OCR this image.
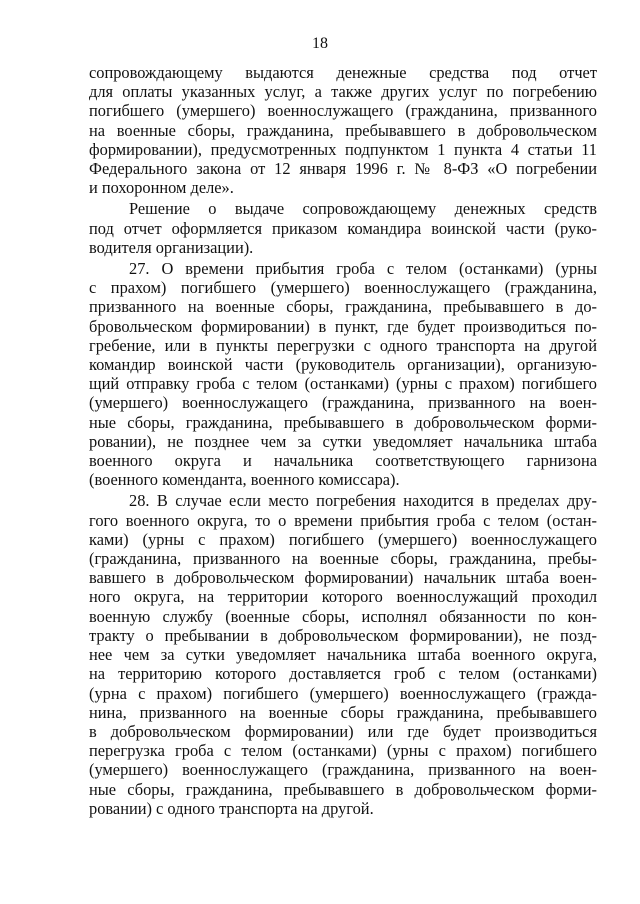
18

сопровождающему выдаются денежные средства под отчет
для оплаты указанных услуг, а также других услуг по погребению
погибшего (умершего) военнослужащего (гражданина, призванного
на военные сборы, гражданина, пребывавшего в добровольческом
формировании), предусмотренных подпунктом 1 пункта 4 статьи 11
Федерального закона от 12 января 1996 г. № 8-ФЗ «О погребении
и похоронном деле».

Решение о выдаче сопровождающему денежных средств
под отчет оформляется приказом командира воинской части (руко-
водителя организации).

27. О времени прибытия гроба с телом (останками) (урны
с прахом) погибшего (умершего) военнослужащего (гражданина,
призванного на военные сборы, гражданина, пребывавшего в до-
бровольческом формировании) в пункт, где будет производиться по-
гребение, или в пункты перегрузки с одного транспорта на другой
командир воинской части (руководитель организации), организую-
щий отправку гроба с телом (останками) (урны с прахом) погибшего
(умершего) военнослужащего (гражданина, призванного на воен-
ные сборы, гражданина, пребывавшего в добровольческом форми-
ровании), не позднее чем за сутки уведомляет начальника штаба
военного округа и начальника соответствующего гарнизона
(военного коменданта, военного комиссара).

28. В случае если место погребения находится в пределах дру-
гого военного округа, то о времени прибытия гроба с телом (остан-
ками) (урны с прахом) погибшего (умершего) военнослужащего
(гражданина, призванного на военные сборы, гражданина, пребы-
вавшего в добровольческом формировании) начальник штаба воен-
ного округа, на территории которого военнослужащий проходил
военную службу (военные сборы, исполнял обязанности по кон-
тракту о пребывании в добровольческом формировании), не позд-
нее чем за сутки уведомляет начальника штаба военного округа,
на территорию которого доставляется гроб с телом (останками)
(урна с прахом) погибшего (умершего) военнослужащего (гражда-
нина, призванного на военные сборы гражданина, пребывавшего
в добровольческом формировании) или где будет производиться
перегрузка гроба с телом (останками) (урны с прахом) погибшего
(умершего) военнослужащего (гражданина, призванного на воен-
ные сборы, гражданина, пребывавшего в добровольческом форми-
ровании) с одного транспорта на другой.
